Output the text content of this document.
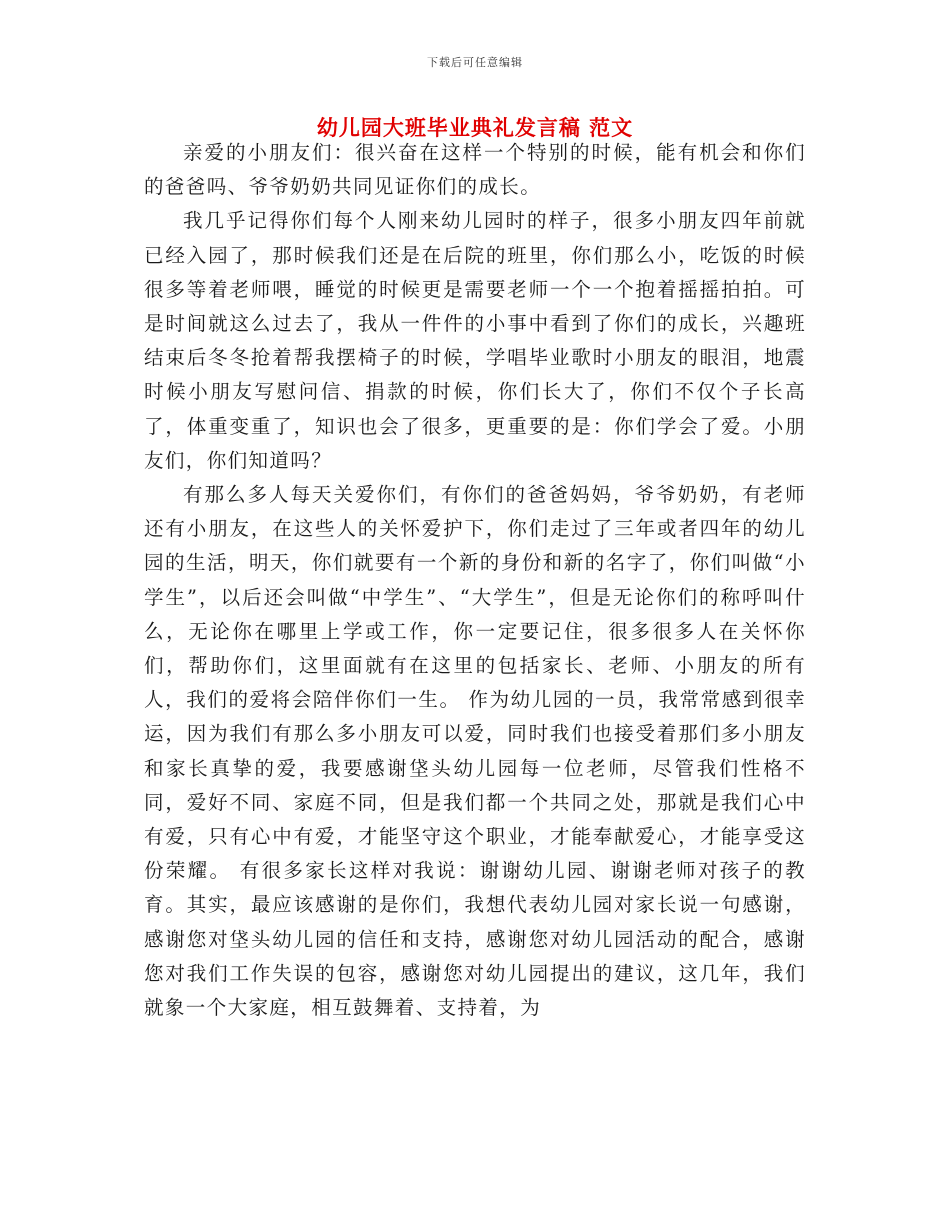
下载后可任意编辑
幼儿园大班毕业典礼发言稿 范文

亲爱的小朋友们：很兴奋在这样一个特别的时候，能有机会和你们的爸爸吗、爷爷奶奶共同见证你们的成长。

我几乎记得你们每个人刚来幼儿园时的样子，很多小朋友四年前就已经入园了，那时候我们还是在后院的班里，你们那么小，吃饭的时候很多等着老师喂，睡觉的时候更是需要老师一个一个抱着摇摇拍拍。可是时间就这么过去了，我从一件件的小事中看到了你们的成长，兴趣班结束后冬冬抢着帮我摆椅子的时候，学唱毕业歌时小朋友的眼泪，地震时候小朋友写慰问信、捐款的时候，你们长大了，你们不仅个子长高了，体重变重了，知识也会了很多，更重要的是：你们学会了爱。小朋友们，你们知道吗？

有那么多人每天关爱你们，有你们的爸爸妈妈，爷爷奶奶，有老师还有小朋友，在这些人的关怀爱护下，你们走过了三年或者四年的幼儿园的生活，明天，你们就要有一个新的身份和新的名字了，你们叫做“小学生”，以后还会叫做“中学生”、“大学生”，但是无论你们的称呼叫什么，无论你在哪里上学或工作，你一定要记住，很多很多人在关怀你们，帮助你们，这里面就有在这里的包括家长、老师、小朋友的所有人，我们的爱将会陪伴你们一生。 作为幼儿园的一员，我常常感到很幸运，因为我们有那么多小朋友可以爱，同时我们也接受着那们多小朋友和家长真挚的爱，我要感谢垡头幼儿园每一位老师，尽管我们性格不同，爱好不同、家庭不同，但是我们都一个共同之处，那就是我们心中有爱，只有心中有爱，才能坚守这个职业，才能奉献爱心，才能享受这份荣耀。 有很多家长这样对我说：谢谢幼儿园、谢谢老师对孩子的教育。其实，最应该感谢的是你们，我想代表幼儿园对家长说一句感谢，感谢您对垡头幼儿园的信任和支持，感谢您对幼儿园活动的配合，感谢您对我们工作失误的包容，感谢您对幼儿园提出的建议，这几年，我们就象一个大家庭，相互鼓舞着、支持着，为
